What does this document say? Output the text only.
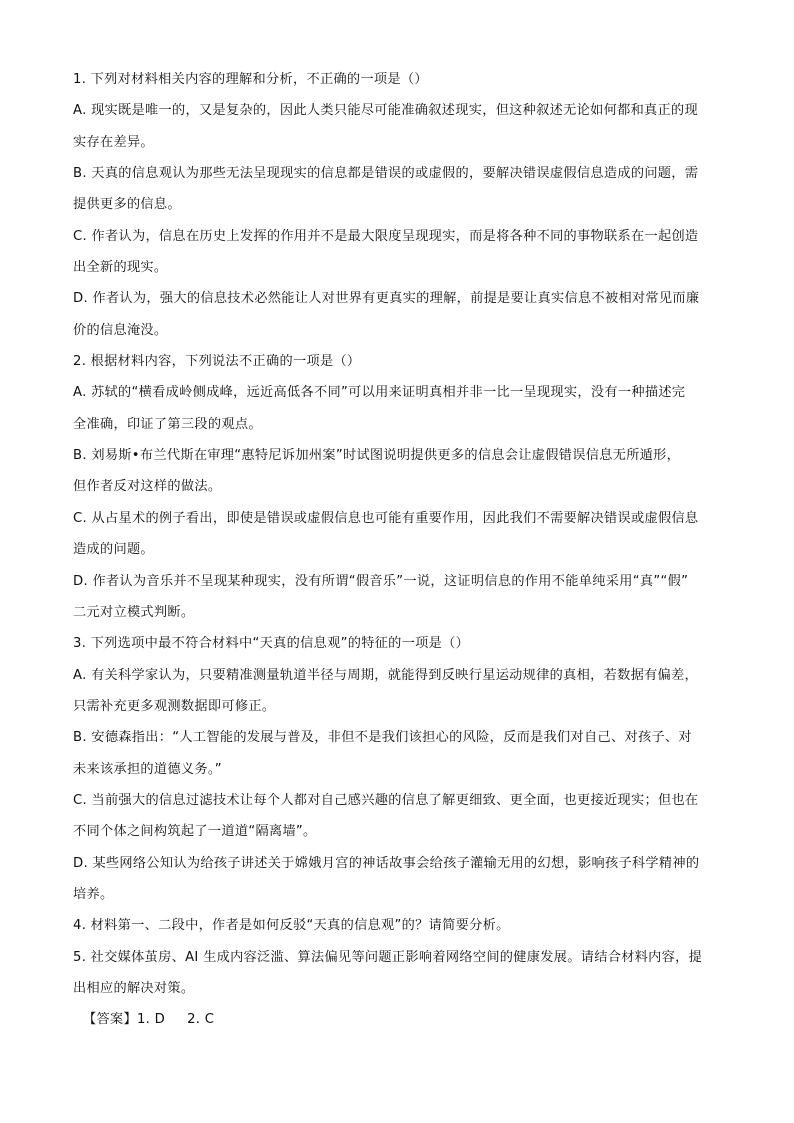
1. 下列对材料相关内容的理解和分析，不正确的一项是（）
A. 现实既是唯一的，又是复杂的，因此人类只能尽可能准确叙述现实，但这种叙述无论如何都和真正的现
实存在差异。
B. 天真的信息观认为那些无法呈现现实的信息都是错误的或虚假的，要解决错误虚假信息造成的问题，需
提供更多的信息。
C. 作者认为，信息在历史上发挥的作用并不是最大限度呈现现实，而是将各种不同的事物联系在一起创造
出全新的现实。
D. 作者认为，强大的信息技术必然能让人对世界有更真实的理解，前提是要让真实信息不被相对常见而廉
价的信息淹没。
2. 根据材料内容，下列说法不正确的一项是（）
A. 苏轼的“横看成岭侧成峰，远近高低各不同”可以用来证明真相并非一比一呈现现实，没有一种描述完
全准确，印证了第三段的观点。
B. 刘易斯•布兰代斯在审理“惠特尼诉加州案”时试图说明提供更多的信息会让虚假错误信息无所遁形，
但作者反对这样的做法。
C. 从占星术的例子看出，即使是错误或虚假信息也可能有重要作用，因此我们不需要解决错误或虚假信息
造成的问题。
D. 作者认为音乐并不呈现某种现实，没有所谓“假音乐”一说，这证明信息的作用不能单纯采用“真”“假”
二元对立模式判断。
3. 下列选项中最不符合材料中“天真的信息观”的特征的一项是（）
A. 有关科学家认为，只要精准测量轨道半径与周期，就能得到反映行星运动规律的真相，若数据有偏差，
只需补充更多观测数据即可修正。
B. 安德森指出：“人工智能的发展与普及，非但不是我们该担心的风险，反而是我们对自己、对孩子、对
未来该承担的道德义务。”
C. 当前强大的信息过滤技术让每个人都对自己感兴趣的信息了解更细致、更全面，也更接近现实；但也在
不同个体之间构筑起了一道道“隔离墙”。
D. 某些网络公知认为给孩子讲述关于嫦娥月宫的神话故事会给孩子灌输无用的幻想，影响孩子科学精神的
培养。
4. 材料第一、二段中，作者是如何反驳“天真的信息观”的？请简要分析。
5. 社交媒体茧房、AI 生成内容泛滥、算法偏见等问题正影响着网络空间的健康发展。请结合材料内容，提
出相应的解决对策。
【答案】1. D 2. C
